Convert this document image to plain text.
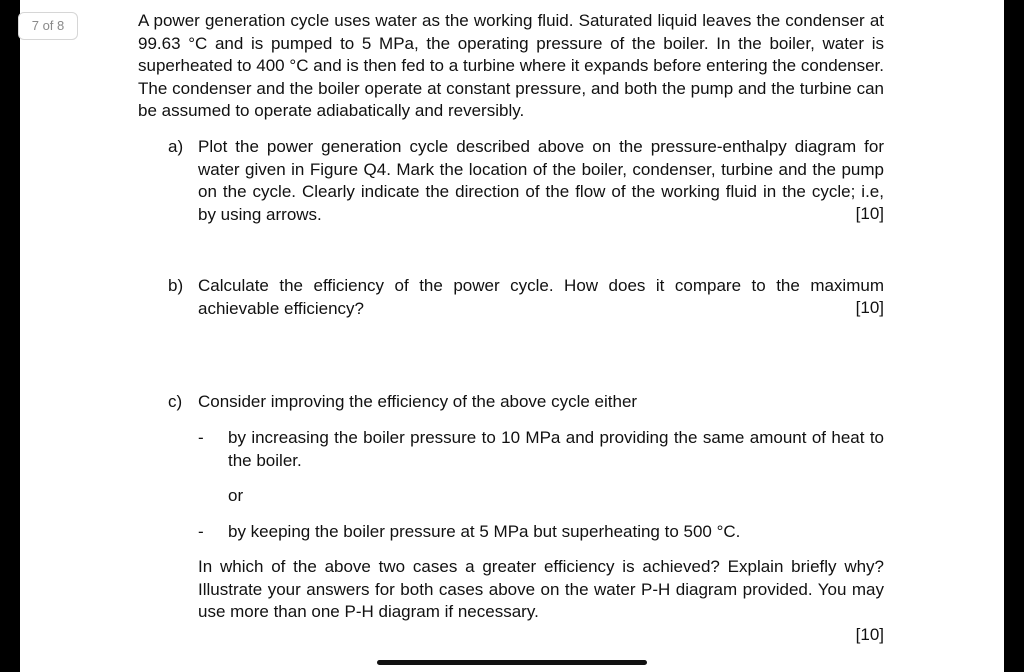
7 of 8	A power generation cycle uses water as the working fluid. Saturated liquid leaves the condenser at 99.63 °C and is pumped to 5 MPa, the operating pressure of the boiler. In the boiler, water is superheated to 400 °C and is then fed to a turbine where it expands before entering the condenser. The condenser and the boiler operate at constant pressure, and both the pump and the turbine can be assumed to operate adiabatically and reversibly.
a) Plot the power generation cycle described above on the pressure-enthalpy diagram for water given in Figure Q4. Mark the location of the boiler, condenser, turbine and the pump on the cycle. Clearly indicate the direction of the flow of the working fluid in the cycle; i.e, by using arrows.	[10]
b) Calculate the efficiency of the power cycle. How does it compare to the maximum achievable efficiency?	[10]
c) Consider improving the efficiency of the above cycle either
- by increasing the boiler pressure to 10 MPa and providing the same amount of heat to the boiler.
or
- by keeping the boiler pressure at 5 MPa but superheating to 500 °C.
In which of the above two cases a greater efficiency is achieved? Explain briefly why? Illustrate your answers for both cases above on the water P-H diagram provided. You may use more than one P-H diagram if necessary.
[10]
